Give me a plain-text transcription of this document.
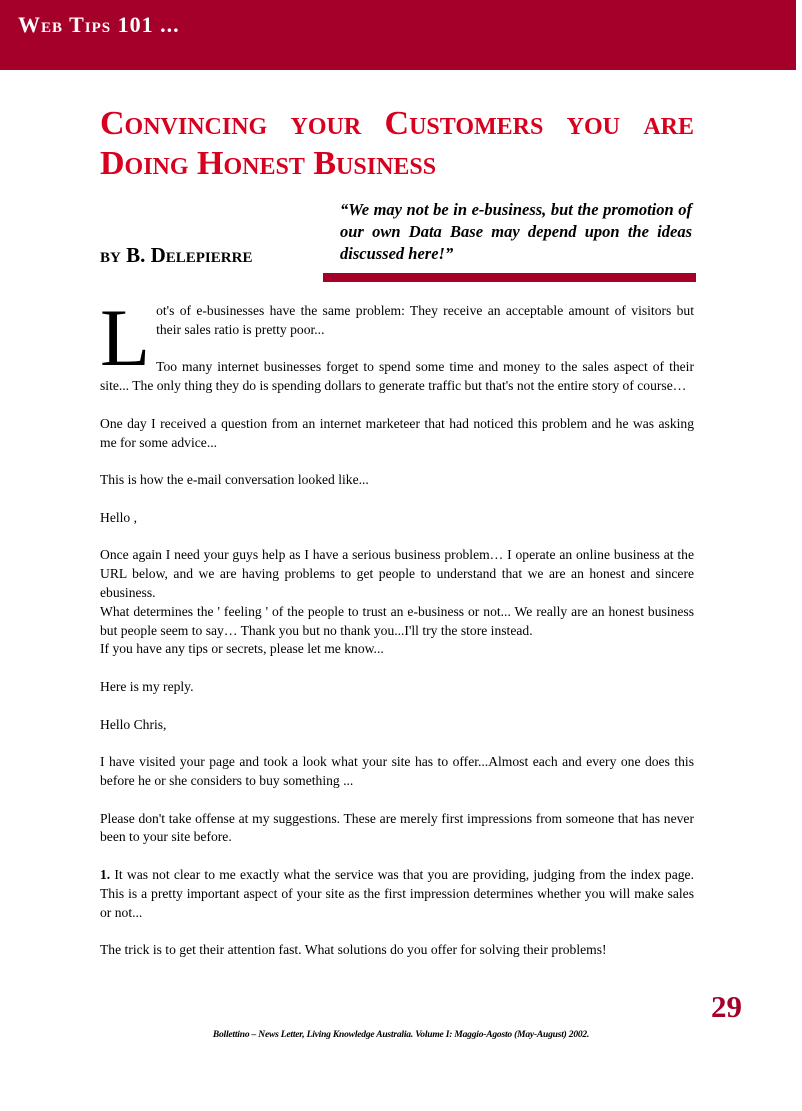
Web Tips 101 ...
Convincing your Customers you are Doing Honest Business
by B. Delepierre
“We may not be in e-business, but the promotion of our own Data Base may depend upon the ideas discussed here!”
L ot's of e-businesses have the same problem: They receive an acceptable amount of visitors but their sales ratio is pretty poor...

Too many internet businesses forget to spend some time and money to the sales aspect of their site... The only thing they do is spending dollars to generate traffic but that's not the entire story of course…

One day I received a question from an internet marketeer that had noticed this problem and he was asking me for some advice...

This is how the e-mail conversation looked like...

Hello ,

Once again I need your guys help as I have a serious business problem… I operate an online business at the URL below, and we are having problems to get people to understand that we are an honest and sincere ebusiness.

What determines the ' feeling ' of the people to trust an e-business or not... We really are an honest business but people seem to say… Thank you but no thank you...I'll try the store instead.

If you have any tips or secrets, please let me know...

Here is my reply.

Hello Chris,

I have visited your page and took a look what your site has to offer...Almost each and every one does this before he or she considers to buy something ...

Please don't take offense at my suggestions. These are merely first impressions from someone that has never been to your site before.

1. It was not clear to me exactly what the service was that you are providing, judging from the index page. This is a pretty important aspect of your site as the first impression determines whether you will make sales or not...

The trick is to get their attention fast. What solutions do you offer for solving their problems!

29
Bollettino – News Letter, Living Knowledge Australia. Volume I: Maggio-Agosto (May-August) 2002.
